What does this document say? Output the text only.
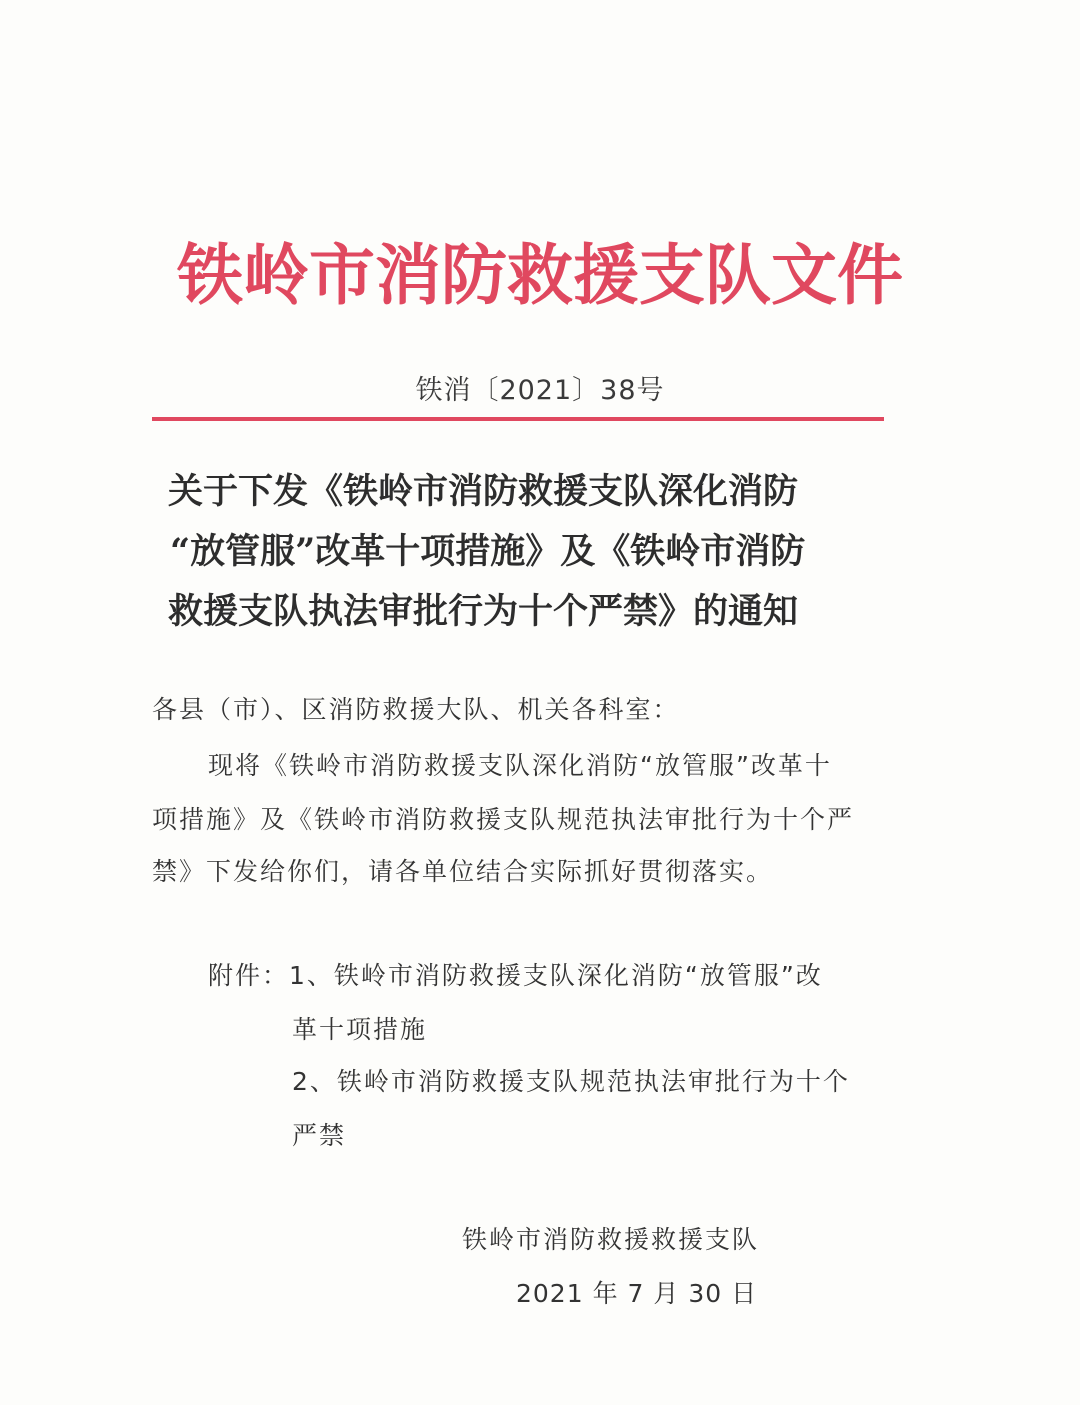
铁岭市消防救援支队文件
铁消〔2021〕38号
关于下发《铁岭市消防救援支队深化消防
“放管服”改革十项措施》及《铁岭市消防
救援支队执法审批行为十个严禁》的通知
各县（市）、区消防救援大队、机关各科室：
现将《铁岭市消防救援支队深化消防“放管服”改革十
项措施》及《铁岭市消防救援支队规范执法审批行为十个严
禁》下发给你们，请各单位结合实际抓好贯彻落实。
附件：1、铁岭市消防救援支队深化消防“放管服”改
革十项措施
2、铁岭市消防救援支队规范执法审批行为十个
严禁
铁岭市消防救援救援支队
2021 年 7 月 30 日
